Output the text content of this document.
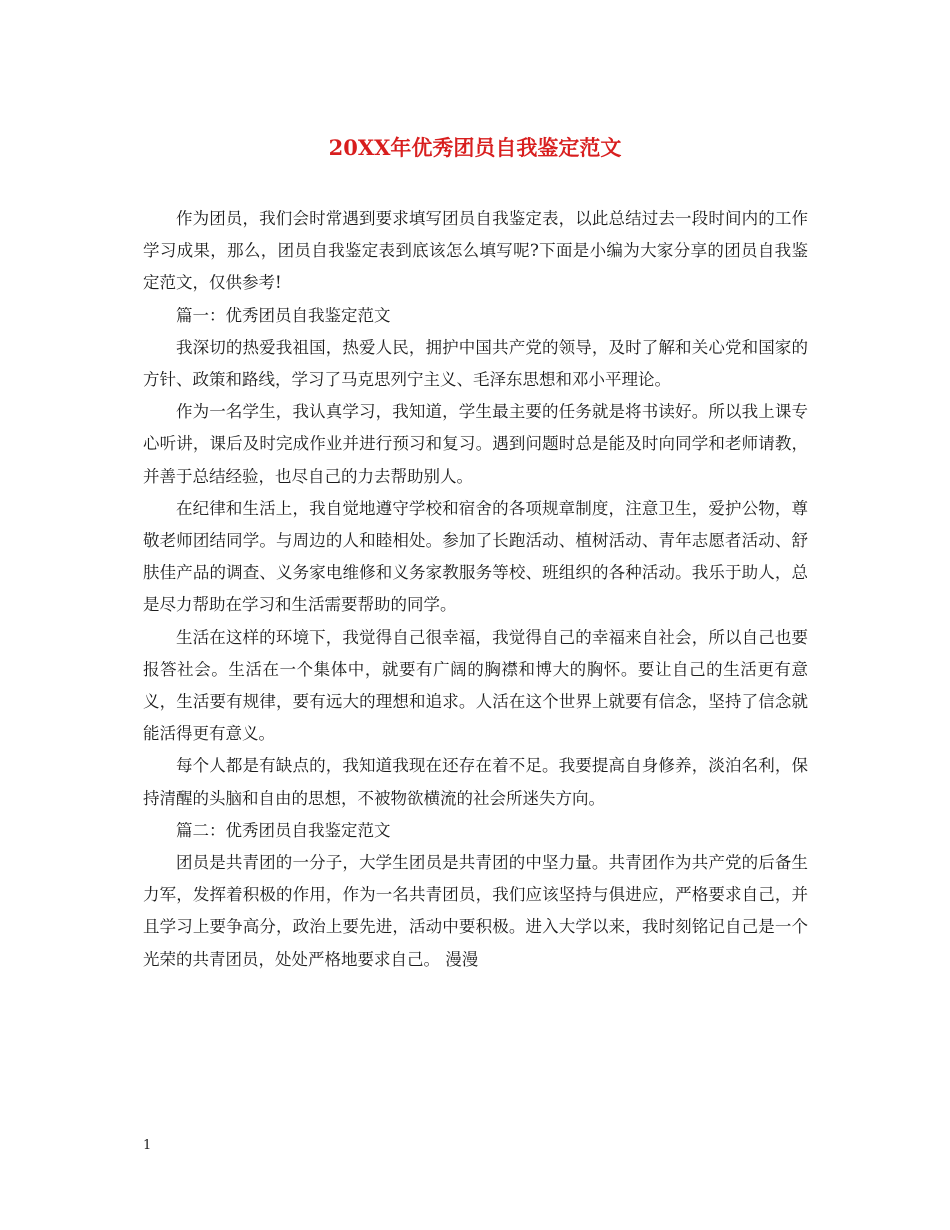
20XX年优秀团员自我鉴定范文

作为团员，我们会时常遇到要求填写团员自我鉴定表，以此总结过去一段时间内的工作学习成果，那么，团员自我鉴定表到底该怎么填写呢?下面是小编为大家分享的团员自我鉴定范文，仅供参考!

篇一：优秀团员自我鉴定范文

我深切的热爱我祖国，热爱人民，拥护中国共产党的领导，及时了解和关心党和国家的方针、政策和路线，学习了马克思列宁主义、毛泽东思想和邓小平理论。

作为一名学生，我认真学习，我知道，学生最主要的任务就是将书读好。所以我上课专心听讲，课后及时完成作业并进行预习和复习。遇到问题时总是能及时向同学和老师请教，并善于总结经验，也尽自己的力去帮助别人。

在纪律和生活上，我自觉地遵守学校和宿舍的各项规章制度，注意卫生，爱护公物，尊敬老师团结同学。与周边的人和睦相处。参加了长跑活动、植树活动、青年志愿者活动、舒肤佳产品的调查、义务家电维修和义务家教服务等校、班组织的各种活动。我乐于助人，总是尽力帮助在学习和生活需要帮助的同学。

生活在这样的环境下，我觉得自己很幸福，我觉得自己的幸福来自社会，所以自己也要报答社会。生活在一个集体中，就要有广阔的胸襟和博大的胸怀。要让自己的生活更有意义，生活要有规律，要有远大的理想和追求。人活在这个世界上就要有信念，坚持了信念就能活得更有意义。

每个人都是有缺点的，我知道我现在还存在着不足。我要提高自身修养，淡泊名利，保持清醒的头脑和自由的思想，不被物欲横流的社会所迷失方向。

篇二：优秀团员自我鉴定范文

团员是共青团的一分子，大学生团员是共青团的中坚力量。共青团作为共产党的后备生力军，发挥着积极的作用，作为一名共青团员，我们应该坚持与俱进应，严格要求自己，并且学习上要争高分，政治上要先进，活动中要积极。进入大学以来，我时刻铭记自己是一个光荣的共青团员，处处严格地要求自己。 漫漫

1
